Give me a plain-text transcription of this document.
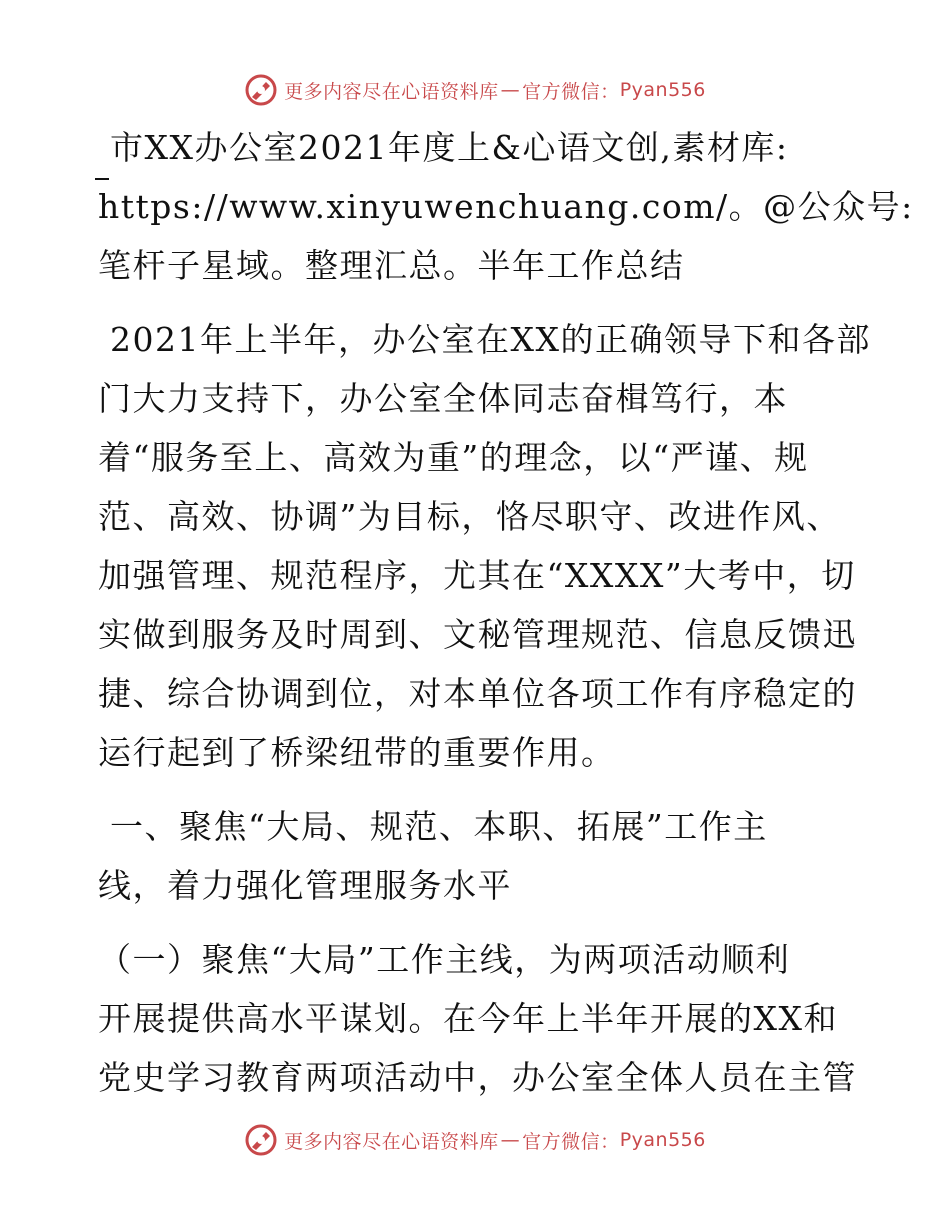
更多内容尽在心语资料库 — 官方微信： Pyan556

市XX办公室2021年度上&心语文创,素材库:
https://www.xinyuwenchuang.com/。@公众号:
笔杆子星域。整理汇总。半年工作总结

2021年上半年，办公室在XX的正确领导下和各部
门大力支持下，办公室全体同志奋楫笃行，本
着“服务至上、高效为重”的理念，以“严谨、规
范、高效、协调”为目标，恪尽职守、改进作风、
加强管理、规范程序，尤其在“XXXX”大考中，切
实做到服务及时周到、文秘管理规范、信息反馈迅
捷、综合协调到位，对本单位各项工作有序稳定的
运行起到了桥梁纽带的重要作用。

一、聚焦“大局、规范、本职、拓展”工作主
线，着力强化管理服务水平

（一）聚焦“大局”工作主线，为两项活动顺利
开展提供高水平谋划。在今年上半年开展的XX和
党史学习教育两项活动中，办公室全体人员在主管

更多内容尽在心语资料库 — 官方微信： Pyan556
